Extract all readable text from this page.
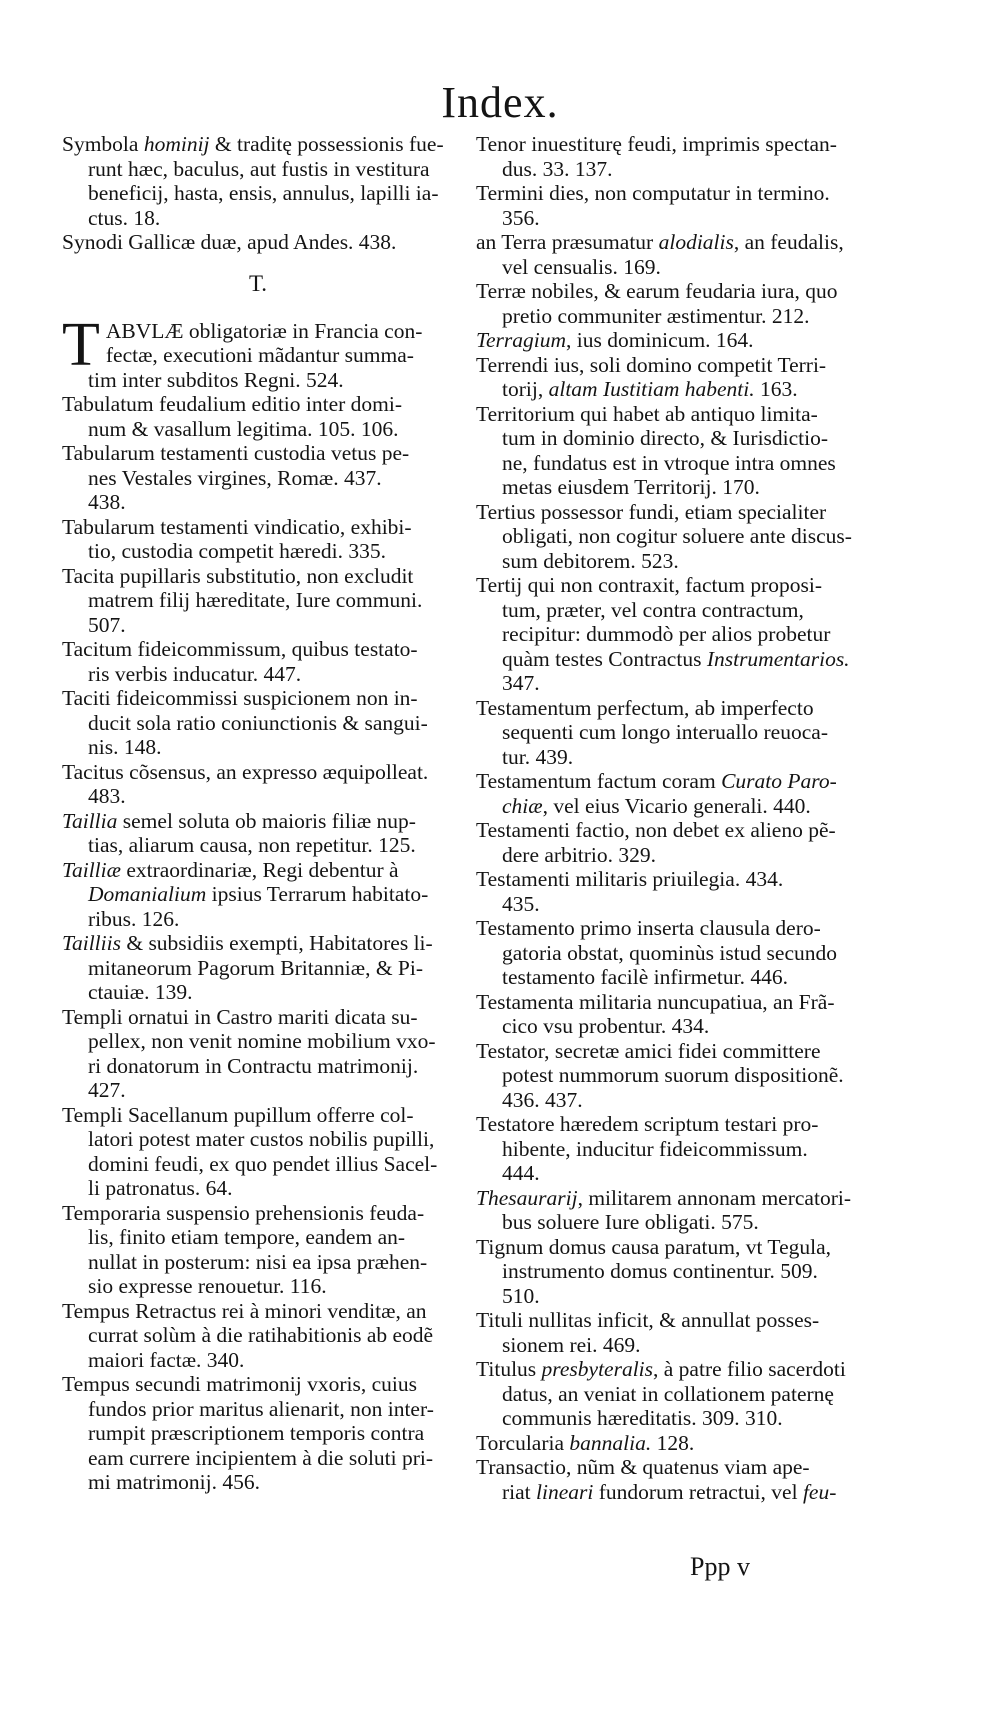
Index.
Symbola hominij & traditę possessionis fue-
runt hæc, baculus, aut fustis in vestitura
beneficij, hasta, ensis, annulus, lapilli ia-
ctus. 18.
Synodi Gallicæ duæ, apud Andes. 438.
T.
TABVLÆ obligatoriæ in Francia con-
fectæ, executioni mãdantur summa-
tim inter subditos Regni. 524.
Tabulatum feudalium editio inter domi-
num & vasallum legitima. 105. 106.
Tabularum testamenti custodia vetus pe-
nes Vestales virgines, Romæ. 437.
438.
Tabularum testamenti vindicatio, exhibi-
tio, custodia competit hæredi. 335.
Tacita pupillaris substitutio, non excludit
matrem filij hæreditate, Iure communi.
507.
Tacitum fideicommissum, quibus testato-
ris verbis inducatur. 447.
Taciti fideicommissi suspicionem non in-
ducit sola ratio coniunctionis & sangui-
nis. 148.
Tacitus cõsensus, an expresso æquipolleat.
483.
Taillia semel soluta ob maioris filiæ nup-
tias, aliarum causa, non repetitur. 125.
Tailliæ extraordinariæ, Regi debentur à
Domanialium ipsius Terrarum habitato-
ribus. 126.
Tailliis & subsidiis exempti, Habitatores li-
mitaneorum Pagorum Britanniæ, & Pi-
ctauiæ. 139.
Templi ornatui in Castro mariti dicata su-
pellex, non venit nomine mobilium vxo-
ri donatorum in Contractu matrimonij.
427.
Templi Sacellanum pupillum offerre col-
latori potest mater custos nobilis pupilli,
domini feudi, ex quo pendet illius Sacel-
li patronatus. 64.
Temporaria suspensio prehensionis feuda-
lis, finito etiam tempore, eandem an-
nullat in posterum: nisi ea ipsa præhen-
sio expresse renouetur. 116.
Tempus Retractus rei à minori venditæ, an
currat solùm à die ratihabitionis ab eodẽ
maiori factæ. 340.
Tempus secundi matrimonij vxoris, cuius
fundos prior maritus alienarit, non inter-
rumpit præscriptionem temporis contra
eam currere incipientem à die soluti pri-
mi matrimonij. 456.
Tenor inuestiturę feudi, imprimis spectan-
dus. 33. 137.
Termini dies, non computatur in termino.
356.
an Terra præsumatur alodialis, an feudalis,
vel censualis. 169.
Terræ nobiles, & earum feudaria iura, quo
pretio communiter æstimentur. 212.
Terragium, ius dominicum. 164.
Terrendi ius, soli domino competit Terri-
torij, altam Iustitiam habenti. 163.
Territorium qui habet ab antiquo limita-
tum in dominio directo, & Iurisdictio-
ne, fundatus est in vtroque intra omnes
metas eiusdem Territorij. 170.
Tertius possessor fundi, etiam specialiter
obligati, non cogitur soluere ante discus-
sum debitorem. 523.
Tertij qui non contraxit, factum proposi-
tum, præter, vel contra contractum,
recipitur: dummodò per alios probetur
quàm testes Contractus Instrumentarios.
347.
Testamentum perfectum, ab imperfecto
sequenti cum longo interuallo reuoca-
tur. 439.
Testamentum factum coram Curato Paro-
chiæ, vel eius Vicario generali. 440.
Testamenti factio, non debet ex alieno pẽ-
dere arbitrio. 329.
Testamenti militaris priuilegia. 434.
435.
Testamento primo inserta clausula dero-
gatoria obstat, quominùs istud secundo
testamento facilè infirmetur. 446.
Testamenta militaria nuncupatiua, an Frã-
cico vsu probentur. 434.
Testator, secretæ amici fidei committere
potest nummorum suorum dispositionẽ.
436. 437.
Testatore hæredem scriptum testari pro-
hibente, inducitur fideicommissum.
444.
Thesaurarij, militarem annonam mercatori-
bus soluere Iure obligati. 575.
Tignum domus causa paratum, vt Tegula,
instrumento domus continentur. 509.
510.
Tituli nullitas inficit, & annullat posses-
sionem rei. 469.
Titulus presbyteralis, à patre filio sacerdoti
datus, an veniat in collationem paternę
communis hæreditatis. 309. 310.
Torcularia bannalia. 128.
Transactio, nũm & quatenus viam ape-
riat lineari fundorum retractui, vel feu-
Ppp v
